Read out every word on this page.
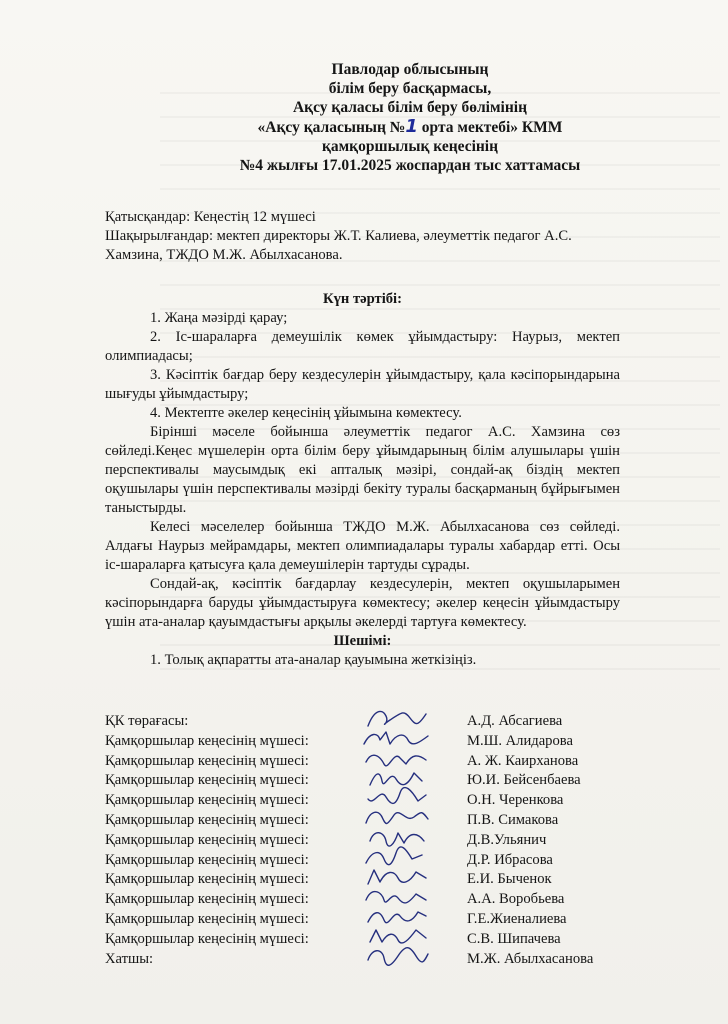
Павлодар облысының
білім беру басқармасы,
Ақсу қаласы білім беру бөлімінің
«Ақсу қаласының №1 орта мектебі» КММ
қамқоршылық кеңесінің
№4 жылғы 17.01.2025 жоспардан тыс хаттамасы
Қатысқандар: Кеңестің 12 мүшесі
Шақырылғандар: мектеп директоры Ж.Т. Калиева, әлеуметтік педагог А.С. Хамзина, ТЖДО М.Ж. Абылхасанова.
Күн тәртібі:
1. Жаңа мәзірді қарау;
2. Іс-шараларға демеушілік көмек ұйымдастыру: Наурыз, мектеп олимпиадасы;
3. Кәсіптік бағдар беру кездесулерін ұйымдастыру, қала кәсіпорындарына шығуды ұйымдастыру;
4. Мектепте әкелер кеңесінің ұйымына көмектесу.
Бірінші мәселе бойынша әлеуметтік педагог А.С. Хамзина сөз сөйледі.Кеңес мүшелерін орта білім беру ұйымдарының білім алушылары үшін перспективалы маусымдық екі апталық мәзірі, сондай-ақ біздің мектеп оқушылары үшін перспективалы мәзірді бекіту туралы басқарманың бұйрығымен таныстырды.
Келесі мәселелер бойынша ТЖДО М.Ж. Абылхасанова сөз сөйледі. Алдағы Наурыз мейрамдары, мектеп олимпиадалары туралы хабардар етті. Осы іс-шараларға қатысуға қала демеушілерін тартуды сұрады.
Сондай-ақ, кәсіптік бағдарлау кездесулерін, мектеп оқушыларымен кәсіпорындарға баруды ұйымдастыруға көмектесу; әкелер кеңесін ұйымдастыру үшін ата-аналар қауымдастығы арқылы әкелерді тартуға көмектесу.
Шешімі:
1. Толық ақпаратты ата-аналар қауымына жеткізіңіз.
ҚК төрағасы:	А.Д. Абсагиева
Қамқоршылар кеңесінің мүшесі:	М.Ш. Алидарова
Қамқоршылар кеңесінің мүшесі:	А. Ж. Каирханова
Қамқоршылар кеңесінің мүшесі:	Ю.И. Бейсенбаева
Қамқоршылар кеңесінің мүшесі:	О.Н. Черенкова
Қамқоршылар кеңесінің мүшесі:	П.В. Симакова
Қамқоршылар кеңесінің мүшесі:	Д.В.Ульянич
Қамқоршылар кеңесінің мүшесі:	Д.Р. Ибрасова
Қамқоршылар кеңесінің мүшесі:	Е.И. Быченок
Қамқоршылар кеңесінің мүшесі:	А.А. Воробьева
Қамқоршылар кеңесінің мүшесі:	Г.Е.Жиеналиева
Қамқоршылар кеңесінің мүшесі:	С.В. Шипачева
Хатшы:	М.Ж. Абылхасанова
